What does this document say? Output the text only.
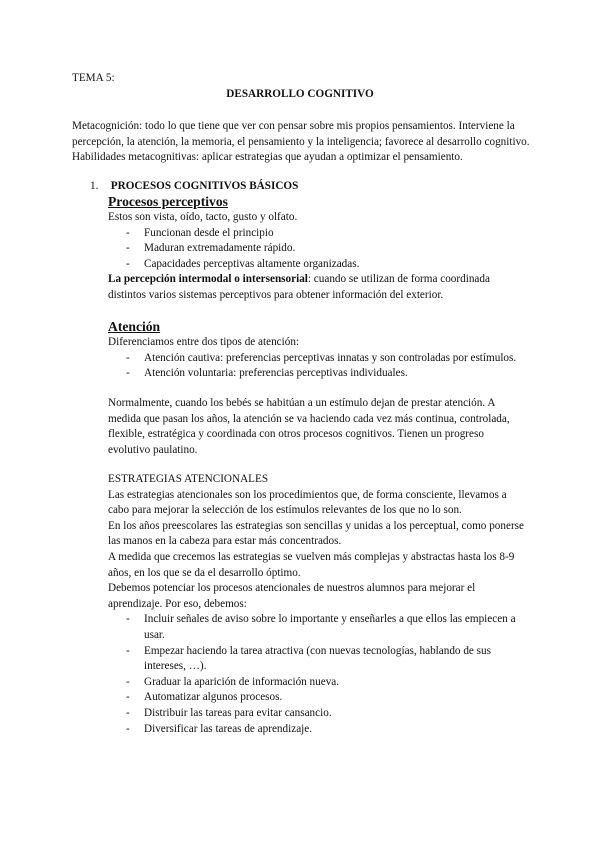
TEMA 5:
DESARROLLO COGNITIVO

Metacognición: todo lo que tiene que ver con pensar sobre mis propios pensamientos. Interviene la percepción, la atención, la memoria, el pensamiento y la inteligencia; favorece al desarrollo cognitivo.

Habilidades metacognitivas: aplicar estrategias que ayudan a optimizar el pensamiento.

1. PROCESOS COGNITIVOS BÁSICOS
Procesos perceptivos

Estos son vista, oído, tacto, gusto y olfato.

- Funcionan desde el principio
- Maduran extremadamente rápido.
- Capacidades perceptivas altamente organizadas.

La percepción intermodal o intersensorial: cuando se utilizan de forma coordinada distintos varios sistemas perceptivos para obtener información del exterior.

Atención

Diferenciamos entre dos tipos de atención:

- Atención cautiva: preferencias perceptivas innatas y son controladas por estímulos.
- Atención voluntaria: preferencias perceptivas individuales.

Normalmente, cuando los bebés se habitúan a un estímulo dejan de prestar atención. A medida que pasan los años, la atención se va haciendo cada vez más continua, controlada, flexible, estratégica y coordinada con otros procesos cognitivos. Tienen un progreso evolutivo paulatino.

ESTRATEGIAS ATENCIONALES

Las estrategias atencionales son los procedimientos que, de forma consciente, llevamos a cabo para mejorar la selección de los estímulos relevantes de los que no lo son.

En los años preescolares las estrategias son sencillas y unidas a los perceptual, como ponerse las manos en la cabeza para estar más concentrados.

A medida que crecemos las estrategias se vuelven más complejas y abstractas hasta los 8-9 años, en los que se da el desarrollo óptimo.

Debemos potenciar los procesos atencionales de nuestros alumnos para mejorar el aprendizaje. Por eso, debemos:

- Incluir señales de aviso sobre lo importante y enseñarles a que ellos las empiecen a usar.
- Empezar haciendo la tarea atractiva (con nuevas tecnologías, hablando de sus intereses, …).
- Graduar la aparición de información nueva.
- Automatizar algunos procesos.
- Distribuir las tareas para evitar cansancio.
- Diversificar las tareas de aprendizaje.
